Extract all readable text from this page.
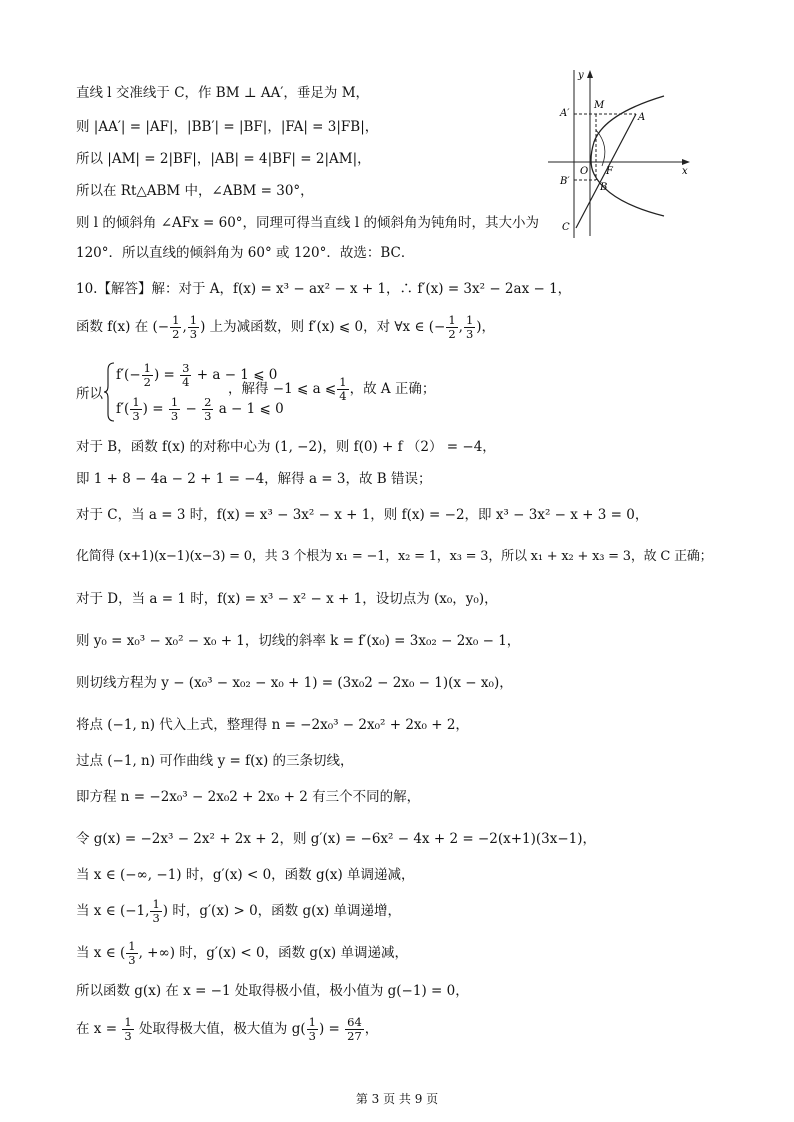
直线 l 交准线于 C，作 BM ⊥ AA′，垂足为 M，
则 |AA′| = |AF|，|BB′| = |BF|，|FA| = 3|FB|，
所以 |AM| = 2|BF|，|AB| = 4|BF| = 2|AM|，
所以在 Rt△ABM 中，∠ABM = 30°，
则 l 的倾斜角 ∠AFx = 60°，同理可得当直线 l 的倾斜角为钝角时，其大小为
120°．所以直线的倾斜角为 60° 或 120°．故选：BC．
y
x
A′
M
A
O F
B′
B
C
10.【解答】解：对于 A，f(x) = x³ − ax² − x + 1，∴ f′(x) = 3x² − 2ax − 1，
函数 f(x) 在 (− $\frac{1}{2}$ , $\frac{1}{3}$ ) 上为减函数，则 f′(x) ⩽ 0，对 ∀x ∈ (− $\frac{1}{2}$ , $\frac{1}{3}$ )，
所以
$f'(- \frac{1}{2}$ ) = $\frac{3}{4} + a - 1$ ⩽ 0
$f'( \frac{1}{3}$ ) = $\frac{1}{3} - \frac{2}{3}$ a − 1 ⩽ 0
，解得 −1 ⩽ a ⩽ $\frac{1}{4}$ ，故 A 正确；
对于 B，函数 f(x) 的对称中心为 (1, −2)，则 f(0) + f （2） = −4，
即 1 + 8 − 4a − 2 + 1 = −4，解得 a = 3，故 B 错误；
对于 C，当 a = 3 时，f(x) = x³ − 3x² − x + 1，则 f(x) = −2，即 x³ − 3x² − x + 3 = 0，
化简得 (x+1)(x−1)(x−3) = 0，共 3 个根为 x₁ = −1，x₂ = 1，x₃ = 3，所以 x₁ + x₂ + x₃ = 3，故 C 正确；
对于 D，当 a = 1 时，f(x) = x³ − x² − x + 1，设切点为 (x₀，y₀)，
则 y₀ = x₀³ − x₀² − x₀ + 1，切线的斜率 k = f′(x₀) = 3x₀₂ − 2x₀ − 1，
则切线方程为 y − (x₀³ − x₀₂ − x₀ + 1) = (3x₀2 − 2x₀ − 1)(x − x₀)，
将点 (−1, n) 代入上式，整理得 n = −2x₀³ − 2x₀² + 2x₀ + 2，
过点 (−1, n) 可作曲线 y = f(x) 的三条切线，
即方程 n = −2x₀³ − 2x₀2 + 2x₀ + 2 有三个不同的解，
令 g(x) = −2x³ − 2x² + 2x + 2，则 g′(x) = −6x² − 4x + 2 = −2(x+1)(3x−1)，
当 x ∈ (−∞, −1) 时，g′(x) < 0，函数 g(x) 单调递减，
当 x ∈ (−1, $\frac{1}{3}$ ) 时，g′(x) > 0，函数 g(x) 单调递增，
当 x ∈ ( $\frac{1}{3}$ , +∞) 时，g′(x) < 0，函数 g(x) 单调递减，
所以函数 g(x) 在 x = −1 处取得极小值，极小值为 g(−1) = 0，
在 $x = \frac{1}{3}$ 处取得极大值，极大值为 $g( \frac{1}{3}$ ) = $\frac{64}{27}$ ，
第 3 页 共 9 页
